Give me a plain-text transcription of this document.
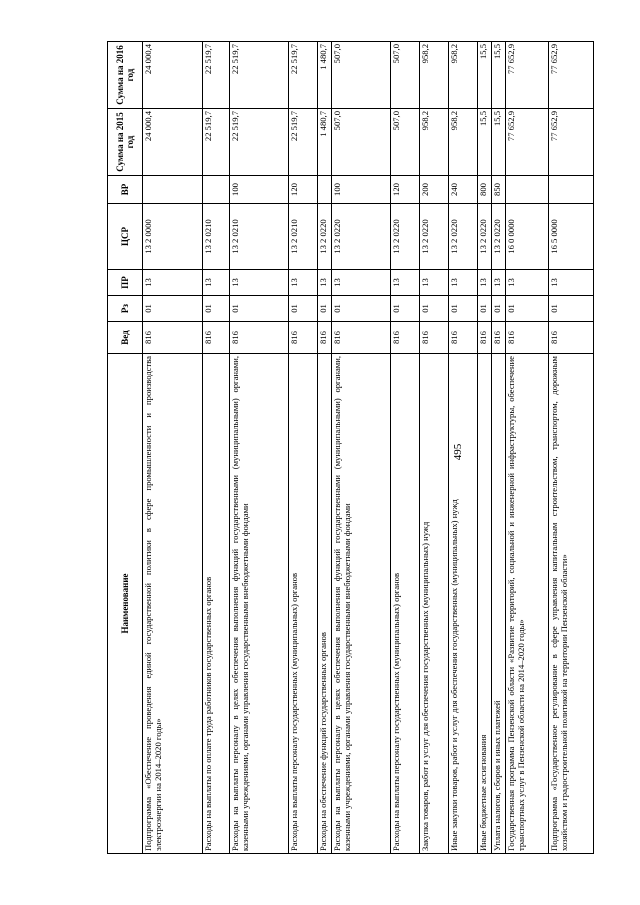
495
Наименование	Вед	Рз	ПР	ЦСР	ВР	Сумма на 2015 год	Сумма на 2016 год
Подпрограмма «Обеспечение проведения единой государственной политики в сфере промышленности и производства электроэнергии на 2014–2020 годы»	816	01	13	13 2 0000		24 000,4	24 000,4
Расходы на выплаты по оплате труда работников государственных органов	816	01	13	13 2 0210		22 519,7	22 519,7
Расходы на выплаты персоналу в целях обеспечения выполнения функций государственными (муниципальными) органами, казенными учреждениями, органами управления государственными внебюджетными фондами	816	01	13	13 2 0210	100	22 519,7	22 519,7
Расходы на выплаты персоналу государственных (муниципальных) органов	816	01	13	13 2 0210	120	22 519,7	22 519,7
Расходы на обеспечение функций государственных органов	816	01	13	13 2 0220		1 480,7	1 480,7
Расходы на выплаты персоналу в целях обеспечения выполнения функций государственными (муниципальными) органами, казенными учреждениями, органами управления государственными внебюджетными фондами	816	01	13	13 2 0220	100	507,0	507,0
Расходы на выплаты персоналу государственных (муниципальных) органов	816	01	13	13 2 0220	120	507,0	507,0
Закупка товаров, работ и услуг для обеспечения государственных (муниципальных) нужд	816	01	13	13 2 0220	200	958,2	958,2
Иные закупки товаров, работ и услуг для обеспечения государственных (муниципальных) нужд	816	01	13	13 2 0220	240	958,2	958,2
Иные бюджетные ассигнования	816	01	13	13 2 0220	800	15,5	15,5
Уплата налогов, сборов и иных платежей	816	01	13	13 2 0220	850	15,5	15,5
Государственная программа Пензенской области «Развитие территорий, социальной и инженерной инфраструктуры, обеспечение транспортных услуг в Пензенской области на 2014–2020 годы»	816	01	13	16 0 0000		77 652,9	77 652,9
Подпрограмма «Государственное регулирование в сфере управления капитальным строительством, транспортом, дорожным хозяйством и градостроительной политикой на территории Пензенской области»	816	01	13	16 5 0000		77 652,9	77 652,9
